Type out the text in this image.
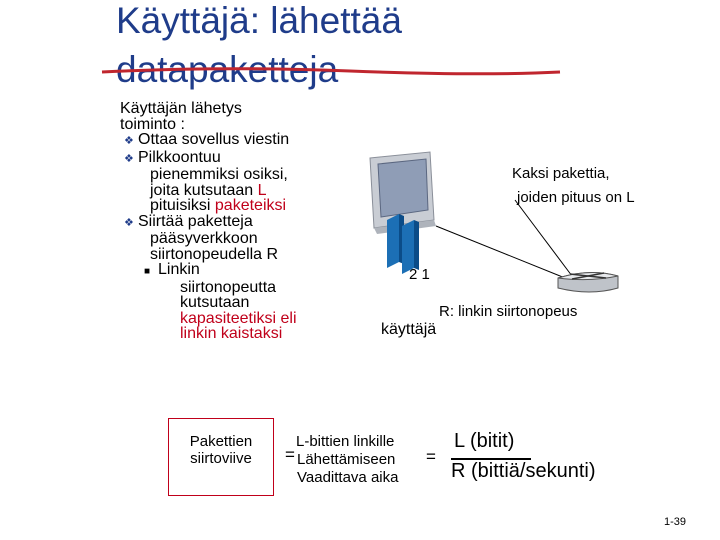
Käyttäjä: lähettää
datapaketteja
Käyttäjän lähetys
toiminto :
❖ Ottaa sovellus viestin
❖ Pilkkoontuu
pienemmiksi osiksi,
joita kutsutaan L
pituisiksi paketeiksi
❖ Siirtää paketteja
pääsyverkkoon
siirtonopeudella R
■ Linkin
siirtonopeutta
kutsutaan
kapasiteetiksi eli
linkin kaistaksi
Kaksi pakettia,
joiden pituus on L
2 1
R: linkin siirtonopeus
käyttäjä
Pakettien
siirtoviive	=
L-bittien linkille
Lähettämiseen
Vaadittava aika
=
L (bitit)
R (bittiä/sekunti)
1-39
